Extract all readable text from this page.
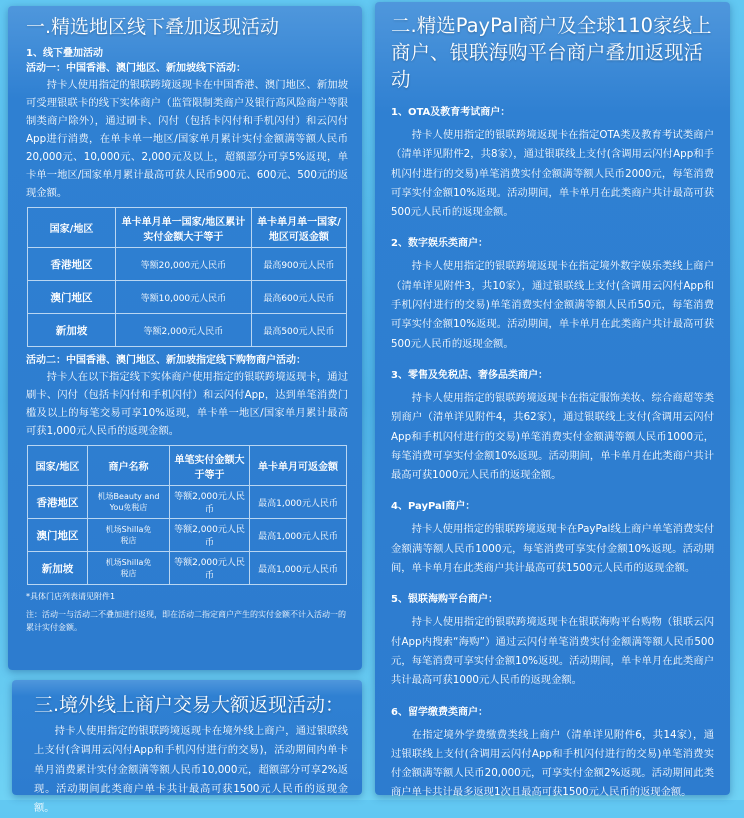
一.精选地区线下叠加返现活动
1、线下叠加活动
活动一：中国香港、澳门地区、新加坡线下活动：

持卡人使用指定的银联跨境返现卡在中国香港、澳门地区、新加坡可受理银联卡的线下实体商户（监管限制类商户及银行高风险商户等限制类商户除外），通过刷卡、闪付（包括卡闪付和手机闪付）和云闪付App进行消费，在单卡单一地区/国家单月累计实付金额满等额人民币20,000元、10,000元、2,000元及以上，超额部分可享5%返现，单卡单一地区/国家单月累计最高可获人民币900元、600元、500元的返现金额。

国家/地区	单卡单月单一国家/地区累计实付金额大于等于	单卡单月单一国家/地区可返金额
香港地区	等额20,000元人民币	最高900元人民币
澳门地区	等额10,000元人民币	最高600元人民币
新加坡	等额2,000元人民币	最高500元人民币
活动二：中国香港、澳门地区、新加坡指定线下购物商户活动：

持卡人在以下指定线下实体商户使用指定的银联跨境返现卡，通过刷卡、闪付（包括卡闪付和手机闪付）和云闪付App，达到单笔消费门槛及以上的每笔交易可享10%返现，单卡单一地区/国家单月累计最高可获1,000元人民币的返现金额。

国家/地区	商户名称	单笔实付金额大于等于	单卡单月可返金额
香港地区	机场Beauty and You免税店	等额2,000元人民币	最高1,000元人民币
澳门地区	机场Shilla免税店	等额2,000元人民币	最高1,000元人民币
新加坡	机场Shilla免税店	等额2,000元人民币	最高1,000元人民币
*具体门店列表请见附件1
注：活动一与活动二不叠加进行返现，即在活动二指定商户产生的实付金额不计入活动一的累计实付金额。
三.境外线上商户交易大额返现活动：

持卡人使用指定的银联跨境返现卡在境外线上商户，通过银联线上支付(含调用云闪付App和手机闪付进行的交易)，活动期间内单卡单月消费累计实付金额满等额人民币10,000元，超额部分可享2%返现。活动期间此类商户单卡共计最高可获1500元人民币的返现金额。

二.精选PayPal商户及全球110家线上商户、银联海购平台商户叠加返现活动
1、OTA及教育考试商户：

持卡人使用指定的银联跨境返现卡在指定OTA类及教育考试类商户（清单详见附件2，共8家），通过银联线上支付(含调用云闪付App和手机闪付进行的交易)单笔消费实付金额满等额人民币2000元，每笔消费可享实付金额10%返现。活动期间，单卡单月在此类商户共计最高可获500元人民币的返现金额。

2、数字娱乐类商户：

持卡人使用指定的银联跨境返现卡在指定境外数字娱乐类线上商户（清单详见附件3，共10家），通过银联线上支付(含调用云闪付App和手机闪付进行的交易)单笔消费实付金额满等额人民币50元，每笔消费可享实付金额10%返现。活动期间，单卡单月在此类商户共计最高可获500元人民币的返现金额。

3、零售及免税店、奢侈品类商户：

持卡人使用指定的银联跨境返现卡在指定服饰美妆、综合商超等类别商户（清单详见附件4，共62家），通过银联线上支付(含调用云闪付App和手机闪付进行的交易)单笔消费实付金额满等额人民币1000元，每笔消费可享实付金额10%返现。活动期间，单卡单月在此类商户共计最高可获1000元人民币的返现金额。

4、PayPal商户：

持卡人使用指定的银联跨境返现卡在PayPal线上商户单笔消费实付金额满等额人民币1000元，每笔消费可享实付金额10%返现。活动期间，单卡单月在此类商户共计最高可获1500元人民币的返现金额。

5、银联海购平台商户：

持卡人使用指定的银联跨境返现卡在银联海购平台购物（银联云闪付App内搜索“海购”）通过云闪付单笔消费实付金额满等额人民币500元，每笔消费可享实付金额10%返现。活动期间，单卡单月在此类商户共计最高可获1000元人民币的返现金额。

6、留学缴费类商户：

在指定境外学费缴费类线上商户（清单详见附件6，共14家），通过银联线上支付(含调用云闪付App和手机闪付进行的交易)单笔消费实付金额满等额人民币20,000元，可享实付金额2%返现。活动期间此类商户单卡共计最多返现1次且最高可获1500元人民币的返现金额。
